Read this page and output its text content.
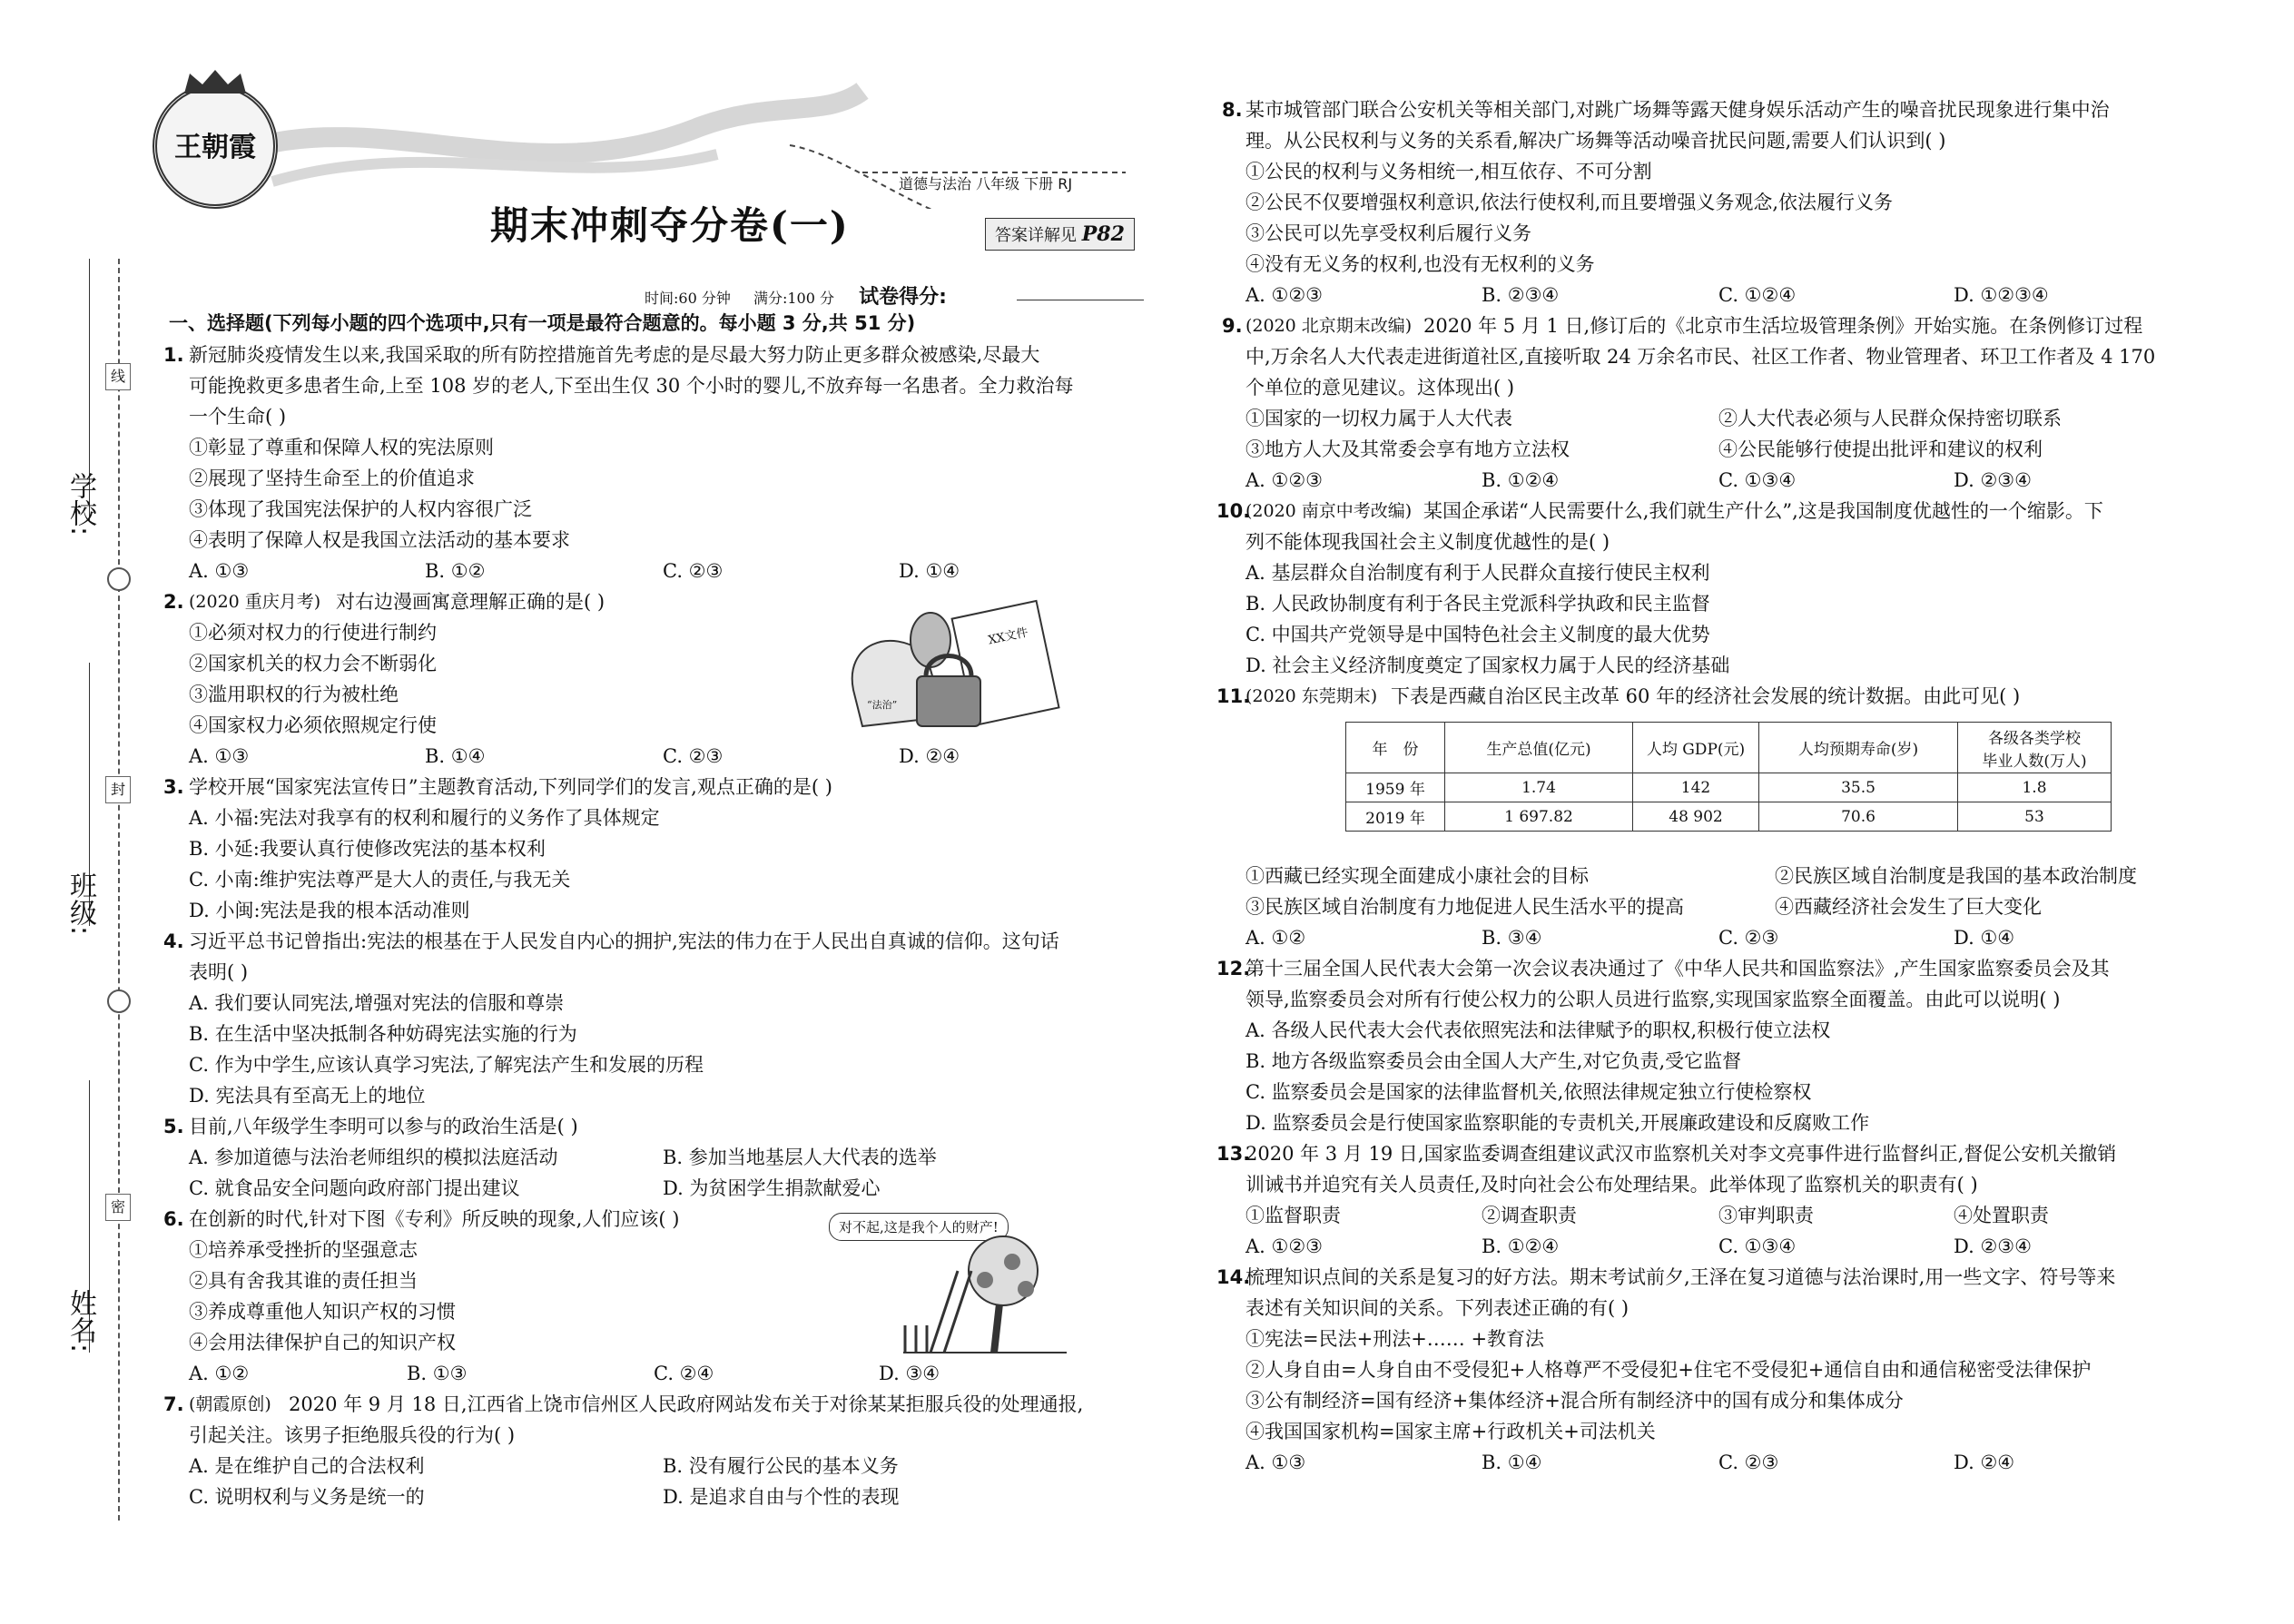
学校:
班级:
姓名:
线
封
密
王朝霞
期末冲刺夺分卷(一)
道德与法治 八年级 下册 RJ
答案详解见 P82
时间:60 分钟 满分:100 分 试卷得分:
一、选择题(下列每小题的四个选项中,只有一项是最符合题意的。每小题 3 分,共 51 分)
1. 新冠肺炎疫情发生以来,我国采取的所有防控措施首先考虑的是尽最大努力防止更多群众被感染,尽最大
可能挽救更多患者生命,上至 108 岁的老人,下至出生仅 30 个小时的婴儿,不放弃每一名患者。全力救治每
一个生命( )
①彰显了尊重和保障人权的宪法原则
②展现了坚持生命至上的价值追求
③体现了我国宪法保护的人权内容很广泛
④表明了保障人权是我国立法活动的基本要求
A. ①③	B. ①②	C. ②③	D. ①④
2. (2020 重庆月考) 对右边漫画寓意理解正确的是( )
①必须对权力的行使进行制约
②国家机关的权力会不断弱化
③滥用职权的行为被杜绝
④国家权力必须依照规定行使
A. ①③	B. ①④	C. ②③	D. ②④
XX文件
“法治”
3. 学校开展“国家宪法宣传日”主题教育活动,下列同学们的发言,观点正确的是( )
A. 小福:宪法对我享有的权利和履行的义务作了具体规定
B. 小延:我要认真行使修改宪法的基本权利
C. 小南:维护宪法尊严是大人的责任,与我无关
D. 小闽:宪法是我的根本活动准则
4. 习近平总书记曾指出:宪法的根基在于人民发自内心的拥护,宪法的伟力在于人民出自真诚的信仰。这句话
表明( )
A. 我们要认同宪法,增强对宪法的信服和尊崇
B. 在生活中坚决抵制各种妨碍宪法实施的行为
C. 作为中学生,应该认真学习宪法,了解宪法产生和发展的历程
D. 宪法具有至高无上的地位
5. 目前,八年级学生李明可以参与的政治生活是( )
A. 参加道德与法治老师组织的模拟法庭活动	B. 参加当地基层人大代表的选举
C. 就食品安全问题向政府部门提出建议	D. 为贫困学生捐款献爱心
6. 在创新的时代,针对下图《专利》所反映的现象,人们应该( )
①培养承受挫折的坚强意志
②具有舍我其谁的责任担当
③养成尊重他人知识产权的习惯
④会用法律保护自己的知识产权
A. ①②	B. ①③	C. ②④	D. ③④
对不起,这是我个人的财产!
7. (朝霞原创) 2020 年 9 月 18 日,江西省上饶市信州区人民政府网站发布关于对徐某某拒服兵役的处理通报,
引起关注。该男子拒绝服兵役的行为( )
A. 是在维护自己的合法权利	B. 没有履行公民的基本义务
C. 说明权利与义务是统一的	D. 是追求自由与个性的表现
8. 某市城管部门联合公安机关等相关部门,对跳广场舞等露天健身娱乐活动产生的噪音扰民现象进行集中治
理。从公民权利与义务的关系看,解决广场舞等活动噪音扰民问题,需要人们认识到( )
①公民的权利与义务相统一,相互依存、不可分割
②公民不仅要增强权利意识,依法行使权利,而且要增强义务观念,依法履行义务
③公民可以先享受权利后履行义务
④没有无义务的权利,也没有无权利的义务
A. ①②③	B. ②③④	C. ①②④	D. ①②③④
9. (2020 北京期末改编) 2020 年 5 月 1 日,修订后的《北京市生活垃圾管理条例》开始实施。在条例修订过程
中,万余名人大代表走进街道社区,直接听取 24 万余名市民、社区工作者、物业管理者、环卫工作者及 4 170
个单位的意见建议。这体现出( )
①国家的一切权力属于人大代表	②人大代表必须与人民群众保持密切联系
③地方人大及其常委会享有地方立法权	④公民能够行使提出批评和建议的权利
A. ①②③	B. ①②④	C. ①③④	D. ②③④
10.
(2020 南京中考改编) 某国企承诺“人民需要什么,我们就生产什么”,这是我国制度优越性的一个缩影。下
列不能体现我国社会主义制度优越性的是( )
A. 基层群众自治制度有利于人民群众直接行使民主权利
B. 人民政协制度有利于各民主党派科学执政和民主监督
C. 中国共产党领导是中国特色社会主义制度的最大优势
D. 社会主义经济制度奠定了国家权力属于人民的经济基础
11.
(2020 东莞期末) 下表是西藏自治区民主改革 60 年的经济社会发展的统计数据。由此可见( )
年　份	生产总值(亿元)	人均 GDP(元)	人均预期寿命(岁)	各级各类学校
毕业人数(万人)

1959 年	1.74	142	35.5	1.8
2019 年	1 697.82	48 902	70.6	53
①西藏已经实现全面建成小康社会的目标	②民族区域自治制度是我国的基本政治制度
③民族区域自治制度有力地促进人民生活水平的提高	④西藏经济社会发生了巨大变化
A. ①②	B. ③④	C. ②③	D. ①④
12.
第十三届全国人民代表大会第一次会议表决通过了《中华人民共和国监察法》,产生国家监察委员会及其
领导,监察委员会对所有行使公权力的公职人员进行监察,实现国家监察全面覆盖。由此可以说明( )
A. 各级人民代表大会代表依照宪法和法律赋予的职权,积极行使立法权
B. 地方各级监察委员会由全国人大产生,对它负责,受它监督
C. 监察委员会是国家的法律监督机关,依照法律规定独立行使检察权
D. 监察委员会是行使国家监察职能的专责机关,开展廉政建设和反腐败工作
13.
2020 年 3 月 19 日,国家监委调查组建议武汉市监察机关对李文亮事件进行监督纠正,督促公安机关撤销
训诫书并追究有关人员责任,及时向社会公布处理结果。此举体现了监察机关的职责有( )
①监督职责	②调查职责	③审判职责	④处置职责
A. ①②③	B. ①②④	C. ①③④	D. ②③④
14.
梳理知识点间的关系是复习的好方法。期末考试前夕,王泽在复习道德与法治课时,用一些文字、符号等来
表述有关知识间的关系。下列表述正确的有( )
①宪法=民法+刑法+…… +教育法
②人身自由=人身自由不受侵犯+人格尊严不受侵犯+住宅不受侵犯+通信自由和通信秘密受法律保护
③公有制经济=国有经济+集体经济+混合所有制经济中的国有成分和集体成分
④我国国家机构=国家主席+行政机关+司法机关
A. ①③	B. ①④	C. ②③	D. ②④
